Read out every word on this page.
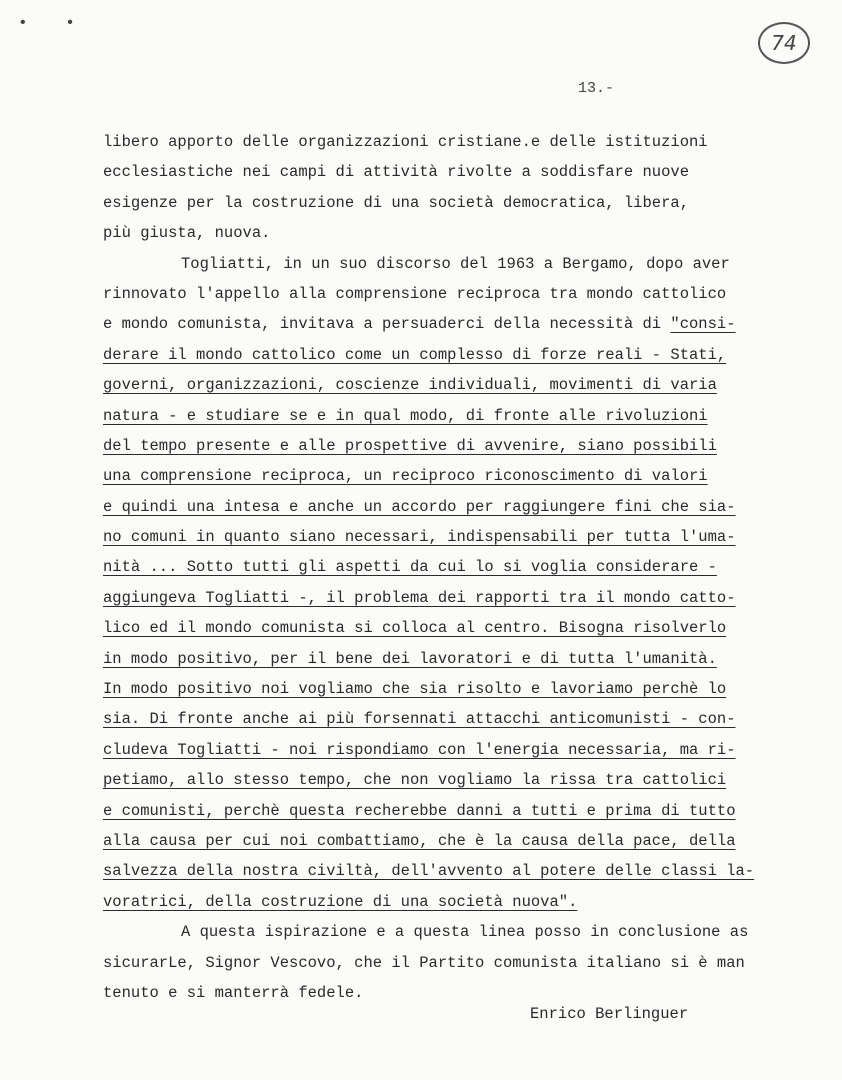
• •
74
13.-
libero apporto delle organizzazioni cristiane.e delle istituzioni
ecclesiastiche nei campi di attività rivolte a soddisfare nuove
esigenze per la costruzione di una società democratica, libera,
più giusta, nuova.
Togliatti, in un suo discorso del 1963 a Bergamo, dopo aver
rinnovato l'appello alla comprensione reciproca tra mondo cattolico
e mondo comunista, invitava a persuaderci della necessità di "consi-
derare il mondo cattolico come un complesso di forze reali - Stati,
governi, organizzazioni, coscienze individuali, movimenti di varia
natura - e studiare se e in qual modo, di fronte alle rivoluzioni
del tempo presente e alle prospettive di avvenire, siano possibili
una comprensione reciproca, un reciproco riconoscimento di valori
e quindi una intesa e anche un accordo per raggiungere fini che sia-
no comuni in quanto siano necessari, indispensabili per tutta l'uma-
nità ... Sotto tutti gli aspetti da cui lo si voglia considerare -
aggiungeva Togliatti -, il problema dei rapporti tra il mondo catto-
lico ed il mondo comunista si colloca al centro. Bisogna risolverlo
in modo positivo, per il bene dei lavoratori e di tutta l'umanità.
In modo positivo noi vogliamo che sia risolto e lavoriamo perchè lo
sia. Di fronte anche ai più forsennati attacchi anticomunisti - con-
cludeva Togliatti - noi rispondiamo con l'energia necessaria, ma ri-
petiamo, allo stesso tempo, che non vogliamo la rissa tra cattolici
e comunisti, perchè questa recherebbe danni a tutti e prima di tutto
alla causa per cui noi combattiamo, che è la causa della pace, della
salvezza della nostra civiltà, dell'avvento al potere delle classi la-
voratrici, della costruzione di una società nuova".
A questa ispirazione e a questa linea posso in conclusione as
sicurarLe, Signor Vescovo, che il Partito comunista italiano si è man
tenuto e si manterrà fedele.
Enrico Berlinguer
